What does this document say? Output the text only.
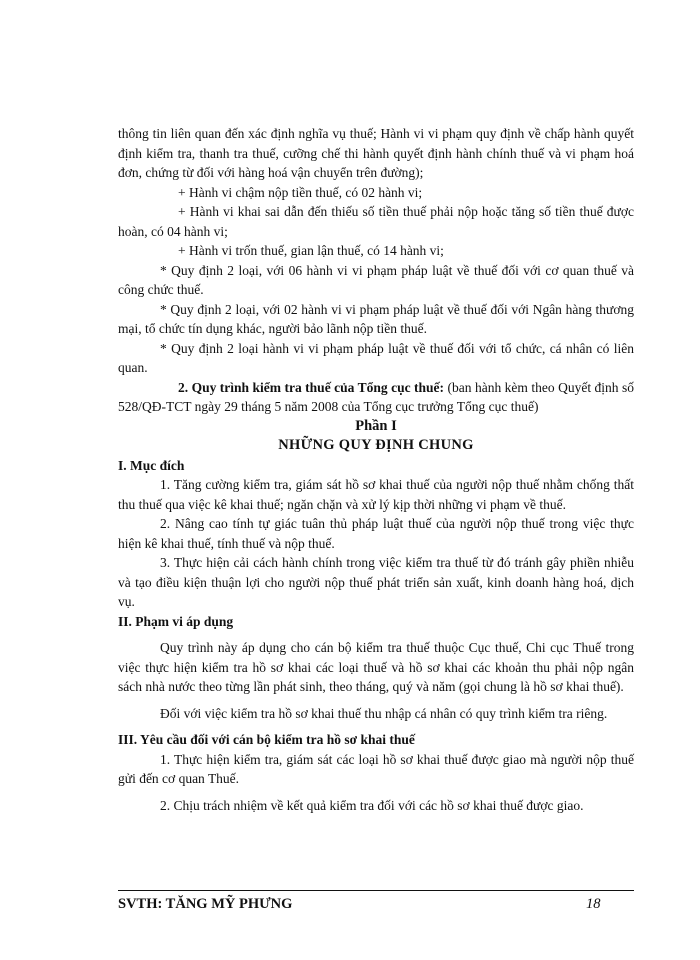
thông tin liên quan đến xác định nghĩa vụ thuế; Hành vi vi phạm quy định về chấp hành quyết định kiểm tra, thanh tra thuế, cưỡng chế thi hành quyết định hành chính thuế và vi phạm hoá đơn, chứng từ đối với hàng hoá vận chuyển trên đường);

+ Hành vi chậm nộp tiền thuế, có 02 hành vi;

+ Hành vi khai sai dẫn đến thiếu số tiền thuế phải nộp hoặc tăng số tiền thuế được hoàn, có 04 hành vi;

+ Hành vi trốn thuế, gian lận thuế, có 14 hành vi;

* Quy định 2 loại, với 06 hành vi vi phạm pháp luật về thuế đối với cơ quan thuế và công chức thuế.

* Quy định 2 loại, với 02 hành vi vi phạm pháp luật về thuế đối với Ngân hàng thương mại, tổ chức tín dụng khác, người bảo lãnh nộp tiền thuế.

* Quy định 2 loại hành vi vi phạm pháp luật về thuế đối với tổ chức, cá nhân có liên quan.

2. Quy trình kiểm tra thuế của Tổng cục thuế: (ban hành kèm theo Quyết định số 528/QĐ-TCT ngày 29 tháng 5 năm 2008 của Tổng cục trưởng Tổng cục thuế)

Phần I

NHỮNG QUY ĐỊNH CHUNG

I. Mục đích

1. Tăng cường kiểm tra, giám sát hồ sơ khai thuế của người nộp thuế nhằm chống thất thu thuế qua việc kê khai thuế; ngăn chặn và xử lý kịp thời những vi phạm về thuế.

2. Nâng cao tính tự giác tuân thủ pháp luật thuế của người nộp thuế trong việc thực hiện kê khai thuế, tính thuế và nộp thuế.

3. Thực hiện cải cách hành chính trong việc kiểm tra thuế từ đó tránh gây phiền nhiễu và tạo điều kiện thuận lợi cho người nộp thuế phát triển sản xuất, kinh doanh hàng hoá, dịch vụ.

II. Phạm vi áp dụng

Quy trình này áp dụng cho cán bộ kiểm tra thuế thuộc Cục thuế, Chi cục Thuế trong việc thực hiện kiểm tra hồ sơ khai các loại thuế và hồ sơ khai các khoản thu phải nộp ngân sách nhà nước theo từng lần phát sinh, theo tháng, quý và năm (gọi chung là hồ sơ khai thuế).

Đối với việc kiểm tra hồ sơ khai thuế thu nhập cá nhân có quy trình kiểm tra riêng.

III. Yêu cầu đối với cán bộ kiểm tra hồ sơ khai thuế

1. Thực hiện kiểm tra, giám sát các loại hồ sơ khai thuế được giao mà người nộp thuế gửi đến cơ quan Thuế.

2. Chịu trách nhiệm về kết quả kiểm tra đối với các hồ sơ khai thuế được giao.

SVTH: TĂNG MỸ PHƯNG	18
